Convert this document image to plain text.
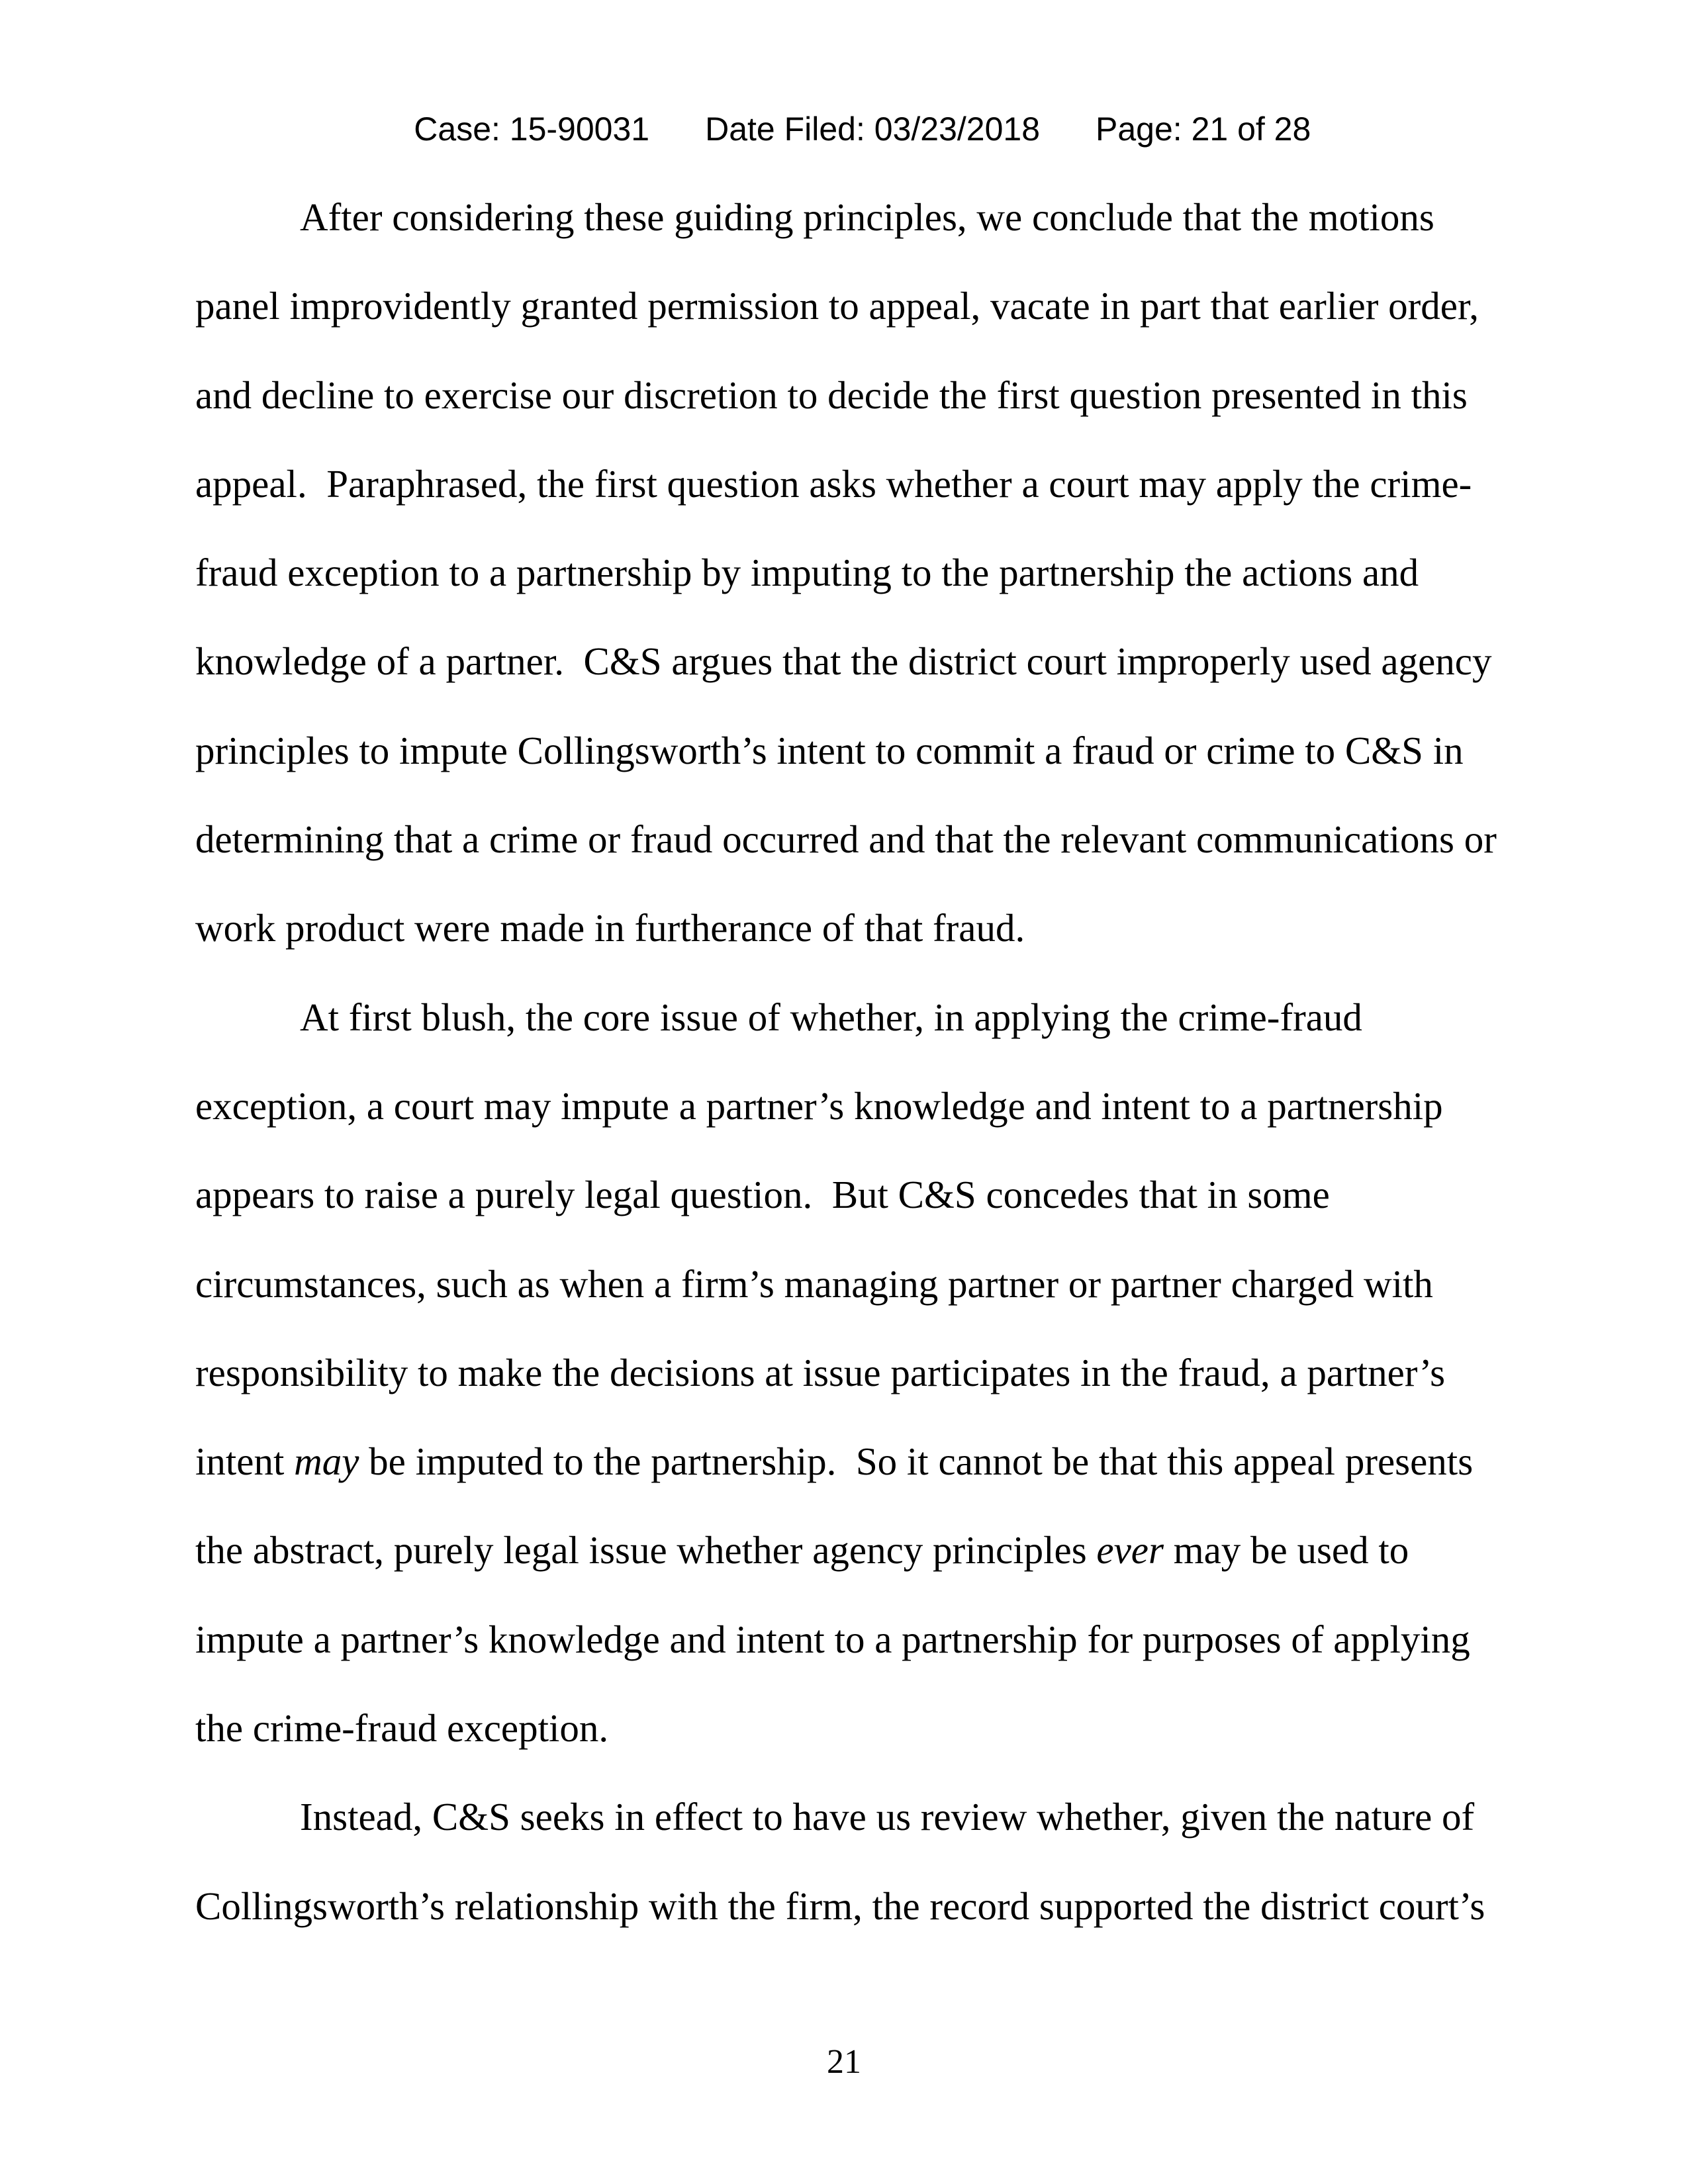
Case: 15-90031 Date Filed: 03/23/2018 Page: 21 of 28

After considering these guiding principles, we conclude that the motions
panel improvidently granted permission to appeal, vacate in part that earlier order,
and decline to exercise our discretion to decide the first question presented in this
appeal.  Paraphrased, the first question asks whether a court may apply the crime-
fraud exception to a partnership by imputing to the partnership the actions and
knowledge of a partner.  C&S argues that the district court improperly used agency
principles to impute Collingsworth’s intent to commit a fraud or crime to C&S in
determining that a crime or fraud occurred and that the relevant communications or
work product were made in furtherance of that fraud.
At first blush, the core issue of whether, in applying the crime-fraud
exception, a court may impute a partner’s knowledge and intent to a partnership
appears to raise a purely legal question.  But C&S concedes that in some
circumstances, such as when a firm’s managing partner or partner charged with
responsibility to make the decisions at issue participates in the fraud, a partner’s
intent may be imputed to the partnership.  So it cannot be that this appeal presents
the abstract, purely legal issue whether agency principles ever may be used to
impute a partner’s knowledge and intent to a partnership for purposes of applying
the crime-fraud exception.
Instead, C&S seeks in effect to have us review whether, given the nature of
Collingsworth’s relationship with the firm, the record supported the district court’s
21
